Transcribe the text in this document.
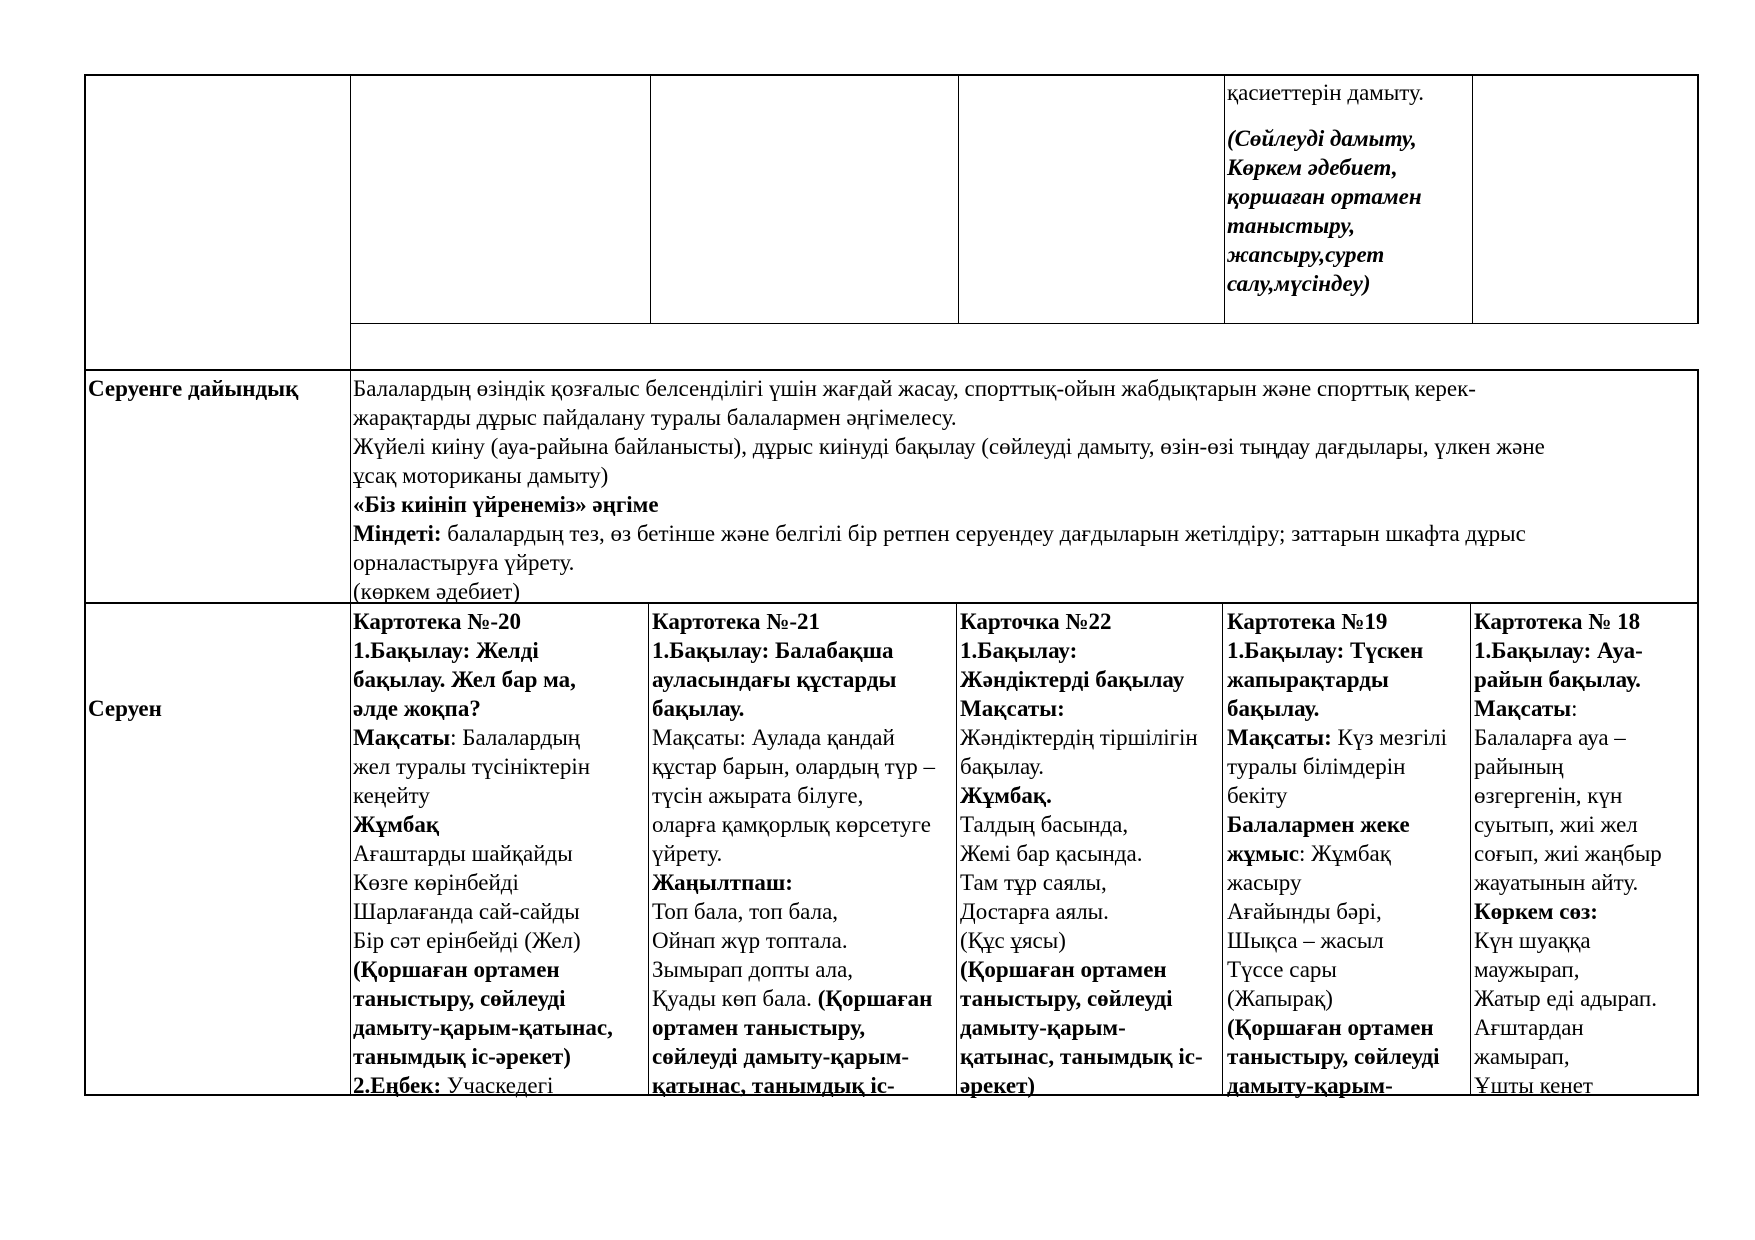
қасиеттерін дамыту.
(Сөйлеуді дамыту,
Көркем әдебиет,
қоршаған ортамен
таныстыру,
жапсыру,сурет
салу,мүсіндеу)
Серуенге дайындық Балалардың өзіндік қозғалыс белсенділігі үшін жағдай жасау, спорттық-ойын жабдықтарын және спорттық керек-
жарақтарды дұрыс пайдалану туралы балалармен әңгімелесу.
Жүйелі киіну (ауа-райына байланысты), дұрыс киінуді бақылау (сөйлеуді дамыту, өзін-өзі тыңдау дағдылары, үлкен және
ұсақ моториканы дамыту)
«Біз киініп үйренеміз» әңгіме
Міндеті: балалардың тез, өз бетінше және белгілі бір ретпен серуендеу дағдыларын жетілдіру; заттарын шкафта дұрыс
орналастыруға үйрету.
(көркем әдебиет)
Серуен
Картотека №-20
1.Бақылау: Желді
бақылау. Жел бар ма,
әлде жоқпа?
Мақсаты: Балалардың
жел туралы түсініктерін
кеңейту
Жұмбақ
Ағаштарды шайқайды
Көзге көрінбейді
Шарлағанда сай-сайды
Бір сәт ерінбейді (Жел)
(Қоршаған ортамен
таныстыру, сөйлеуді
дамыту-қарым-қатынас,
танымдық іс-әрекет)
2.Еңбек: Учаскедегі
Картотека №-21
1.Бақылау: Балабақша
ауласындағы құстарды
бақылау.
Мақсаты: Аулада қандай
құстар барын, олардың түр –
түсін ажырата білуге,
оларға қамқорлық көрсетуге
үйрету.
Жаңылтпаш:
Топ бала, топ бала,
Ойнап жүр топтала.
Зымырап допты ала,
Қуады көп бала. (Қоршаған
ортамен таныстыру,
сөйлеуді дамыту-қарым-
қатынас, танымдық іс-
Карточка №22
1.Бақылау:
Жәндіктерді бақылау
Мақсаты:
Жәндіктердің тіршілігін
бақылау.
Жұмбақ.
Талдың басында,
Жемі бар қасында.
Там тұр саялы,
Достарға аялы.
(Құс ұясы)
(Қоршаған ортамен
таныстыру, сөйлеуді
дамыту-қарым-
қатынас, танымдық іс-
әрекет)
Картотека №19
1.Бақылау: Түскен
жапырақтарды
бақылау.
Мақсаты: Күз мезгілі
туралы білімдерін
бекіту
Балалармен жеке
жұмыс: Жұмбақ
жасыру
Ағайынды бәрі,
Шықса – жасыл
Түссе сары
(Жапырақ)
(Қоршаған ортамен
таныстыру, сөйлеуді
дамыту-қарым-
Картотека № 18
1.Бақылау: Ауа-
райын бақылау.
Мақсаты:
Балаларға ауа –
райының
өзгергенін, күн
суытып, жиі жел
соғып, жиі жаңбыр
жауатынын айту.
Көркем сөз:
Күн шуаққа
маужырап,
Жатыр еді адырап.
Ағштардан
жамырап,
Ұшты кенет
